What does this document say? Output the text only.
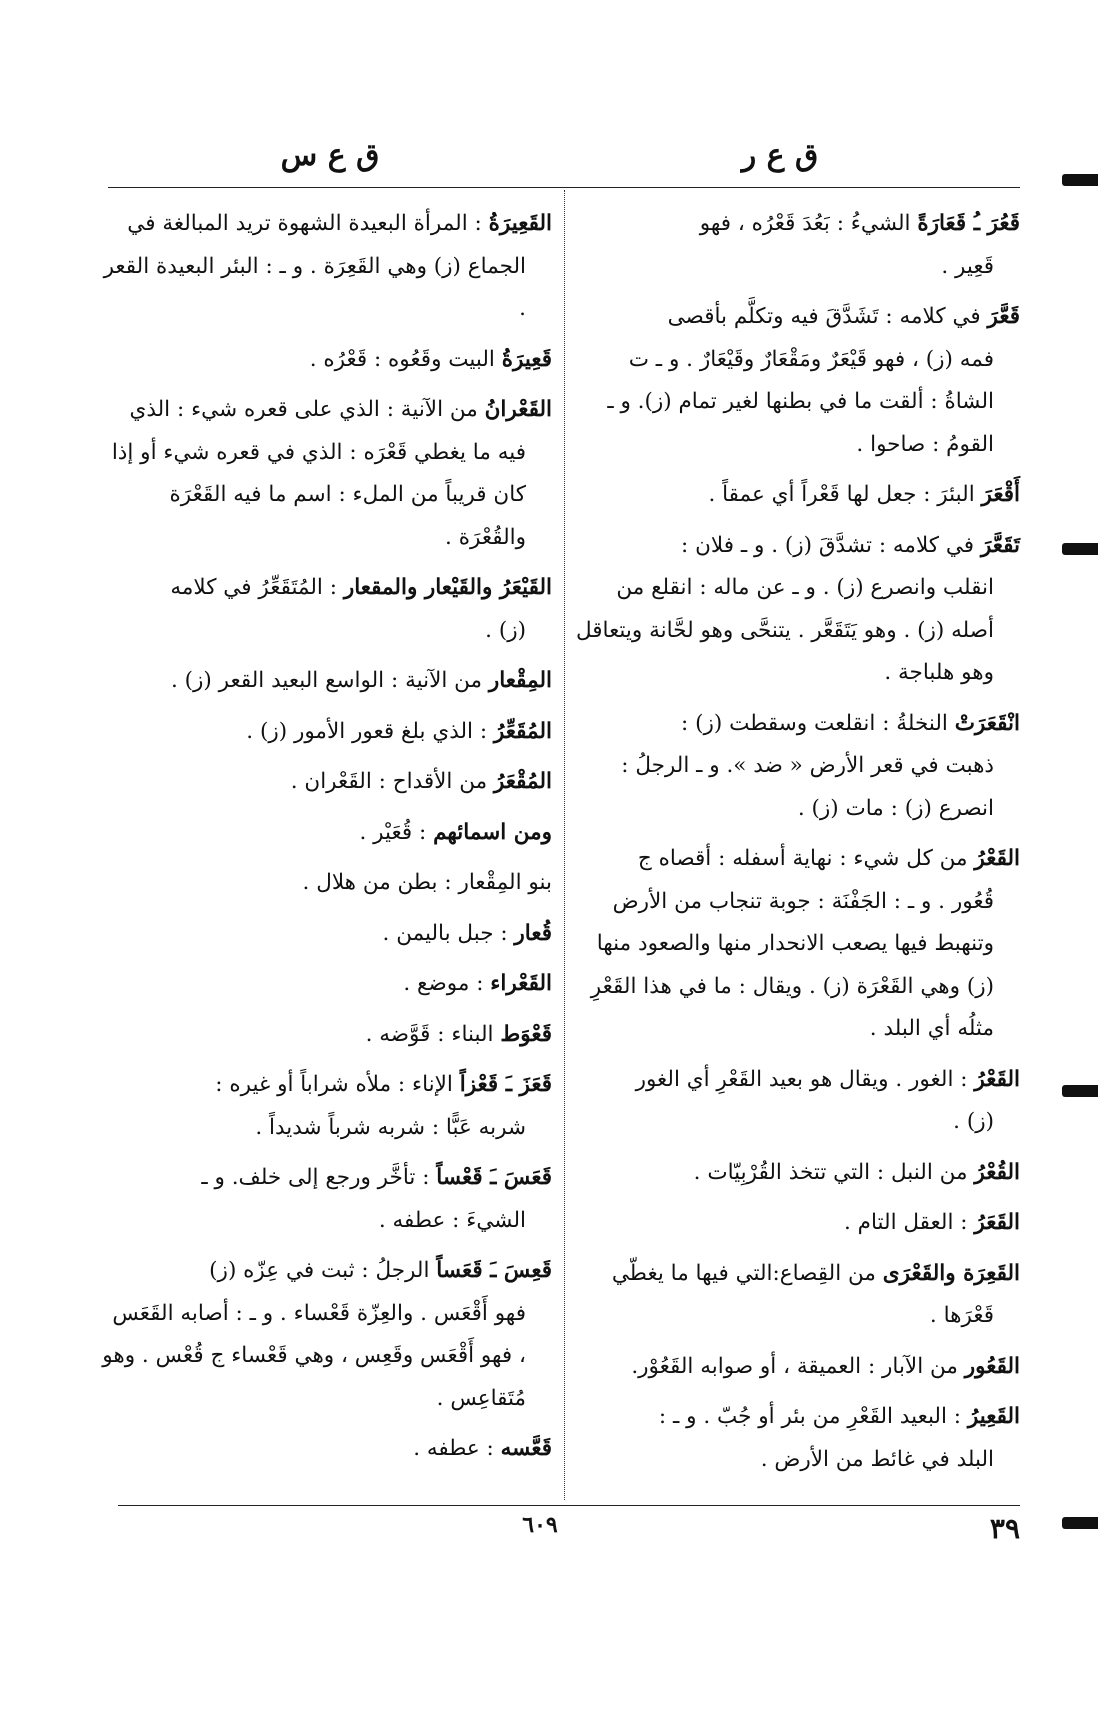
ق ع ر
ق ع س
قَعُرَ ـُ قَعَارَةً الشيءُ : بَعُدَ قَعْرُه ، فهو
قَعِير .
قَعَّرَ في كلامه : تَشَدَّقَ فيه وتكلَّم بأقصى
فمه (ز) ، فهو قَيْعَرٌ ومَقْعَارٌ وقَيْعَارٌ . و ـ ت الشاةُ : ألقت ما في بطنها لغير تمام (ز). و ـ القومُ : صاحوا .
أَقْعَرَ البئرَ : جعل لها قَعْراً أي عمقاً .
تَقَعَّرَ في كلامه : تشدَّقَ (ز) . و ـ فلان :
انقلب وانصرع (ز) . و ـ عن ماله : انقلع من أصله (ز) . وهو يَتَقَعَّر . يتنحَّى وهو لحَّانة ويتعاقل وهو هلباجة .
انْقَعَرَتْ النخلةُ : انقلعت وسقطت (ز) :
ذهبت في قعر الأرض « ضد ». و ـ الرجلُ : انصرع (ز) : مات (ز) .
القَعْرُ من كل شيء : نهاية أسفله : أقصاه ج
قُعُور . و ـ : الجَفْنَة : جوبة تنجاب من الأرض وتنهبط فيها يصعب الانحدار منها والصعود منها (ز) وهي القَعْرَة (ز) . ويقال : ما في هذا القَعْرِ مثلُه أي البلد .
القَعْرُ : الغور . ويقال هو بعيد القَعْرِ أي الغور
(ز) .
القُعْرُ من النبل : التي تتخذ القُرْبِيّات .
القَعَرُ : العقل التام .
القَعِرَة والقَعْرَى من القِصاع:التي فيها ما يغطّي
قَعْرَها .
القَعُور من الآبار : العميقة ، أو صوابه القَعُوْر.
القَعِيرُ : البعيد القَعْرِ من بئر أو جُبّ . و ـ :
البلد في غائط من الأرض .
القَعِيرَةُ : المرأة البعيدة الشهوة تريد المبالغة في
الجماع (ز) وهي القَعِرَة . و ـ : البئر البعيدة القعر .
قَعِيرَةُ البيت وقَعُوه : قَعْرُه .
القَعْرانُ من الآنية : الذي على قعره شيء : الذي
فيه ما يغطي قَعْرَه : الذي في قعره شيء أو إذا كان قريباً من الملء : اسم ما فيه القَعْرَة والقُعْرَة .
القَيْعَرُ والقَيْعار والمقعار : المُتَقَعِّرُ في كلامه
(ز) .
المِقْعار من الآنية : الواسع البعيد القعر (ز) .
المُقَعِّرُ : الذي بلغ قعور الأمور (ز) .
المُقْعَرُ من الأقداح : القَعْران .
ومن اسمائهم : قُعَيْر .
بنو المِقْعار : بطن من هلال .
قُعار : جبل باليمن .
القَعْراء : موضع .
قَعْوَط البناء : قَوَّضه .
قَعَزَ ـَ قَعْزاً الإناء : ملأه شراباً أو غيره :
شربه عَبًّا : شربه شرباً شديداً .
قَعَسَ ـَ قَعْساً : تأخَّر ورجع إلى خلف. و ـ
الشيءَ : عطفه .
قَعِسَ ـَ قَعَساً الرجلُ : ثبت في عِزّه (ز)
فهو أَقْعَس . والعِزّة قَعْساء . و ـ : أصابه القَعَس ، فهو أَقْعَس وقَعِس ، وهي قَعْساء ج قُعْس . وهو مُتَقاعِس .
قَعَّسه : عطفه .
٣٩
٦٠٩
